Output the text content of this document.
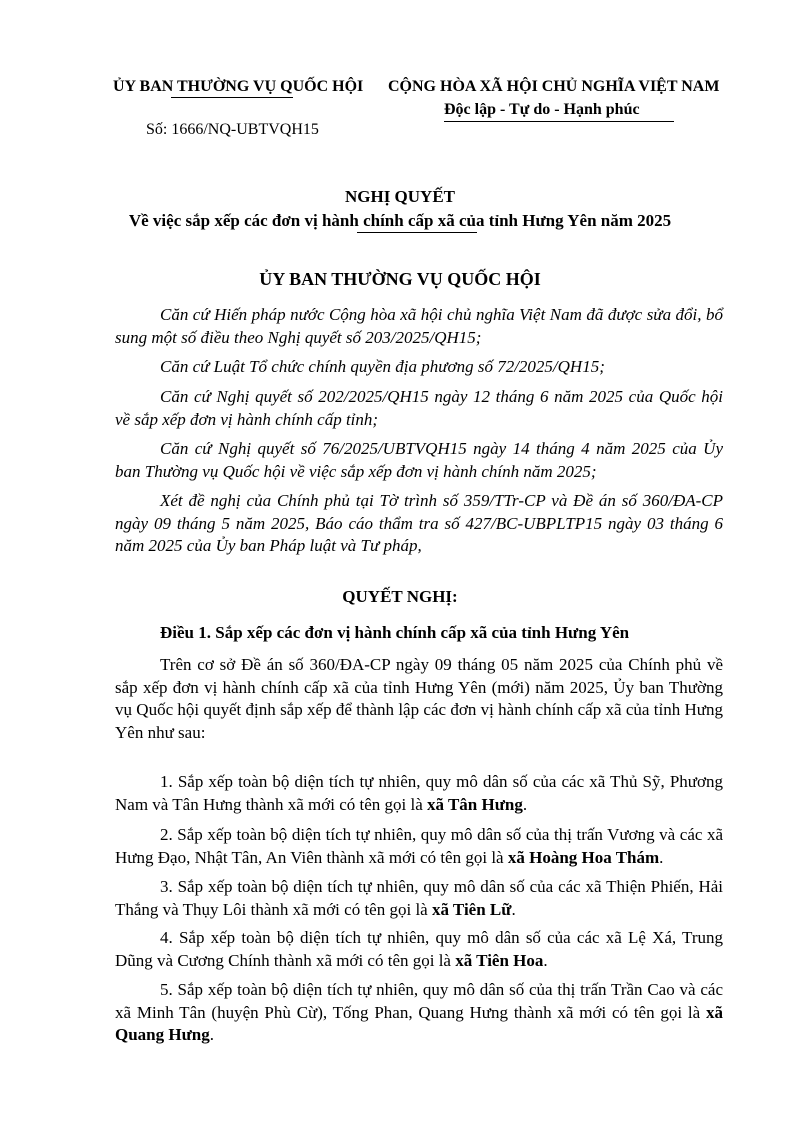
ỦY BAN THƯỜNG VỤ QUỐC HỘI
Số: 1666/NQ-UBTVQH15
CỘNG HÒA XÃ HỘI CHỦ NGHĨA VIỆT NAM
Độc lập - Tự do - Hạnh phúc
NGHỊ QUYẾT
Về việc sắp xếp các đơn vị hành chính cấp xã của tỉnh Hưng Yên năm 2025
ỦY BAN THƯỜNG VỤ QUỐC HỘI

Căn cứ Hiến pháp nước Cộng hòa xã hội chủ nghĩa Việt Nam đã được sửa đổi, bổ sung một số điều theo Nghị quyết số 203/2025/QH15;

Căn cứ Luật Tổ chức chính quyền địa phương số 72/2025/QH15;

Căn cứ Nghị quyết số 202/2025/QH15 ngày 12 tháng 6 năm 2025 của Quốc hội về sắp xếp đơn vị hành chính cấp tỉnh;

Căn cứ Nghị quyết số 76/2025/UBTVQH15 ngày 14 tháng 4 năm 2025 của Ủy ban Thường vụ Quốc hội về việc sắp xếp đơn vị hành chính năm 2025;

Xét đề nghị của Chính phủ tại Tờ trình số 359/TTr-CP và Đề án số 360/ĐA-CP ngày 09 tháng 5 năm 2025, Báo cáo thẩm tra số 427/BC-UBPLTP15 ngày 03 tháng 6 năm 2025 của Ủy ban Pháp luật và Tư pháp,

QUYẾT NGHỊ:

Điều 1. Sắp xếp các đơn vị hành chính cấp xã của tỉnh Hưng Yên

Trên cơ sở Đề án số 360/ĐA-CP ngày 09 tháng 05 năm 2025 của Chính phủ về sắp xếp đơn vị hành chính cấp xã của tỉnh Hưng Yên (mới) năm 2025, Ủy ban Thường vụ Quốc hội quyết định sắp xếp để thành lập các đơn vị hành chính cấp xã của tỉnh Hưng Yên như sau:

1. Sắp xếp toàn bộ diện tích tự nhiên, quy mô dân số của các xã Thủ Sỹ, Phương Nam và Tân Hưng thành xã mới có tên gọi là xã Tân Hưng.

2. Sắp xếp toàn bộ diện tích tự nhiên, quy mô dân số của thị trấn Vương và các xã Hưng Đạo, Nhật Tân, An Viên thành xã mới có tên gọi là xã Hoàng Hoa Thám.

3. Sắp xếp toàn bộ diện tích tự nhiên, quy mô dân số của các xã Thiện Phiến, Hải Thắng và Thụy Lôi thành xã mới có tên gọi là xã Tiên Lữ.

4. Sắp xếp toàn bộ diện tích tự nhiên, quy mô dân số của các xã Lệ Xá, Trung Dũng và Cương Chính thành xã mới có tên gọi là xã Tiên Hoa.

5. Sắp xếp toàn bộ diện tích tự nhiên, quy mô dân số của thị trấn Trần Cao và các xã Minh Tân (huyện Phù Cừ), Tống Phan, Quang Hưng thành xã mới có tên gọi là xã Quang Hưng.
